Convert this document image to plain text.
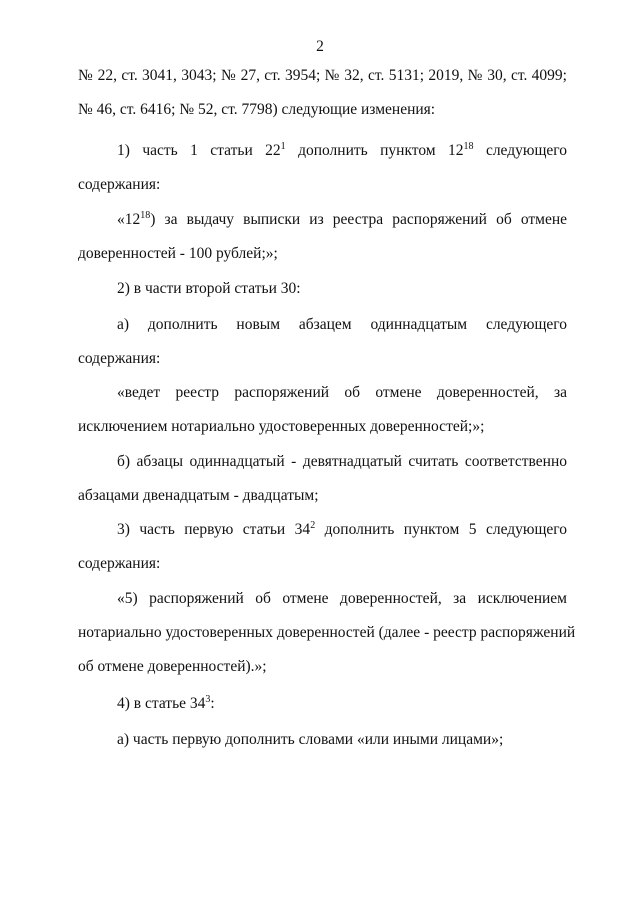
2
№ 22, ст. 3041, 3043; № 27, ст. 3954; № 32, ст. 5131; 2019, № 30, ст. 4099;
№ 46, ст. 6416; № 52, ст. 7798) следующие изменения:
1) часть 1 статьи $22^1$ дополнить пунктом $12^{18}$ следующего
содержания:
«$12^{18}$) за выдачу выписки из реестра распоряжений об отмене
доверенностей - 100 рублей;»;
2) в части второй статьи 30:
а) дополнить новым абзацем одиннадцатым следующего
содержания:
«ведет реестр распоряжений об отмене доверенностей, за
исключением нотариально удостоверенных доверенностей;»;
б) абзацы одиннадцатый - девятнадцатый считать соответственно
абзацами двенадцатым - двадцатым;
3) часть первую статьи $34^2$ дополнить пунктом 5 следующего
содержания:
«5) распоряжений об отмене доверенностей, за исключением
нотариально удостоверенных доверенностей (далее - реестр распоряжений
об отмене доверенностей).»;
4) в статье $34^3$:
а) часть первую дополнить словами «или иными лицами»;
